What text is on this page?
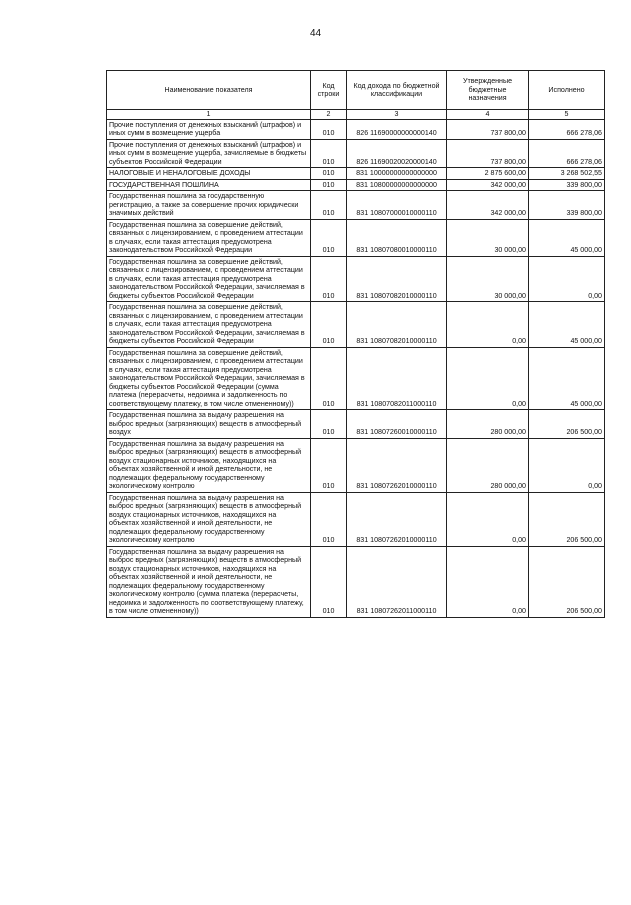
44
Наименование показателя	Код строки	Код дохода по бюджетной классификации	Утвержденные бюджетные назначения	Исполнено
1	2	3	4	5
Прочие поступления от денежных взысканий (штрафов) и иных сумм в возмещение ущерба	010	826 11690000000000140	737 800,00	666 278,06
Прочие поступления от денежных взысканий (штрафов) и иных сумм в возмещение ущерба, зачисляемые в бюджеты субъектов Российской Федерации	010	826 11690020020000140	737 800,00	666 278,06
НАЛОГОВЫЕ И НЕНАЛОГОВЫЕ ДОХОДЫ	010	831 10000000000000000	2 875 600,00	3 268 502,55
ГОСУДАРСТВЕННАЯ ПОШЛИНА	010	831 10800000000000000	342 000,00	339 800,00
Государственная пошлина за государственную регистрацию, а также за совершение прочих юридически значимых действий	010	831 10807000010000110	342 000,00	339 800,00
Государственная пошлина за совершение действий, связанных с лицензированием, с проведением аттестации в случаях, если такая аттестация предусмотрена законодательством Российской Федерации	010	831 10807080010000110	30 000,00	45 000,00
Государственная пошлина за совершение действий, связанных с лицензированием, с проведением аттестации в случаях, если такая аттестация предусмотрена законодательством Российской Федерации, зачисляемая в бюджеты субъектов Российской Федерации	010	831 10807082010000110	30 000,00	0,00
Государственная пошлина за совершение действий, связанных с лицензированием, с проведением аттестации в случаях, если такая аттестация предусмотрена законодательством Российской Федерации, зачисляемая в бюджеты субъектов Российской Федерации	010	831 10807082010000110	0,00	45 000,00
Государственная пошлина за совершение действий, связанных с лицензированием, с проведением аттестации в случаях, если такая аттестация предусмотрена законодательством Российской Федерации, зачисляемая в бюджеты субъектов Российской Федерации (сумма платежа (перерасчеты, недоимка и задолженность по соответствующему платежу, в том числе отмененному))	010	831 10807082011000110	0,00	45 000,00
Государственная пошлина за выдачу разрешения на выброс вредных (загрязняющих) веществ в атмосферный воздух	010	831 10807260010000110	280 000,00	206 500,00
Государственная пошлина за выдачу разрешения на выброс вредных (загрязняющих) веществ в атмосферный воздух стационарных источников, находящихся на объектах хозяйственной и иной деятельности, не подлежащих федеральному государственному экологическому контролю	010	831 10807262010000110	280 000,00	0,00
Государственная пошлина за выдачу разрешения на выброс вредных (загрязняющих) веществ в атмосферный воздух стационарных источников, находящихся на объектах хозяйственной и иной деятельности, не подлежащих федеральному государственному экологическому контролю	010	831 10807262010000110	0,00	206 500,00
Государственная пошлина за выдачу разрешения на выброс вредных (загрязняющих) веществ в атмосферный воздух стационарных источников, находящихся на объектах хозяйственной и иной деятельности, не подлежащих федеральному государственному экологическому контролю (сумма платежа (перерасчеты, недоимка и задолженность по соответствующему платежу, в том числе отмененному))	010	831 10807262011000110	0,00	206 500,00
